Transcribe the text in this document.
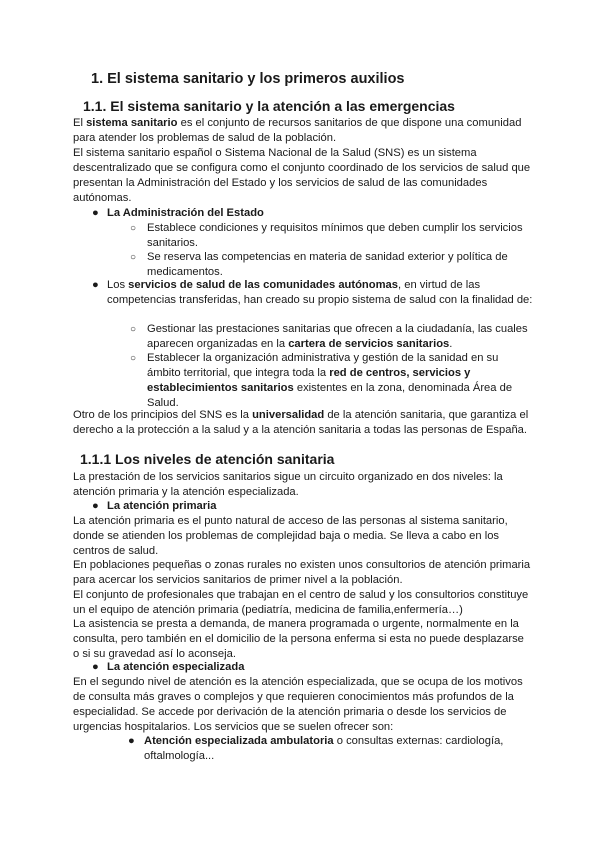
1. El sistema sanitario y los primeros auxilios
1.1. El sistema sanitario y la atención a las emergencias

El sistema sanitario es el conjunto de recursos sanitarios de que dispone una comunidad para atender los problemas de salud de la población.

El sistema sanitario español o Sistema Nacional de la Salud (SNS) es un sistema descentralizado que se configura como el conjunto coordinado de los servicios de salud que presentan la Administración del Estado y los servicios de salud de las comunidades autónomas.

● La Administración del Estado
○ Establece condiciones y requisitos mínimos que deben cumplir los servicios sanitarios.
○ Se reserva las competencias en materia de sanidad exterior y política de medicamentos.
● Los servicios de salud de las comunidades autónomas, en virtud de las competencias transferidas, han creado su propio sistema de salud con la finalidad de:
○ Gestionar las prestaciones sanitarias que ofrecen a la ciudadanía, las cuales aparecen organizadas en la cartera de servicios sanitarios.
○ Establecer la organización administrativa y gestión de la sanidad en su ámbito territorial, que integra toda la red de centros, servicios y establecimientos sanitarios existentes en la zona, denominada Área de Salud.

Otro de los principios del SNS es la universalidad de la atención sanitaria, que garantiza el derecho a la protección a la salud y a la atención sanitaria a todas las personas de España.

1.1.1 Los niveles de atención sanitaria

La prestación de los servicios sanitarios sigue un circuito organizado en dos niveles: la atención primaria y la atención especializada.

● La atención primaria

La atención primaria es el punto natural de acceso de las personas al sistema sanitario, donde se atienden los problemas de complejidad baja o media. Se lleva a cabo en los centros de salud.

En poblaciones pequeñas o zonas rurales no existen unos consultorios de atención primaria para acercar los servicios sanitarios de primer nivel a la población.

El conjunto de profesionales que trabajan en el centro de salud y los consultorios constituye un el equipo de atención primaria (pediatría, medicina de familia,enfermería…)

La asistencia se presta a demanda, de manera programada o urgente, normalmente en la consulta, pero también en el domicilio de la persona enferma si esta no puede desplazarse o si su gravedad así lo aconseja.

● La atención especializada

En el segundo nivel de atención es la atención especializada, que se ocupa de los motivos de consulta más graves o complejos y que requieren conocimientos más profundos de la especialidad. Se accede por derivación de la atención primaria o desde los servicios de urgencias hospitalarios. Los servicios que se suelen ofrecer son:

● Atención especializada ambulatoria o consultas externas: cardiología, oftalmología...
